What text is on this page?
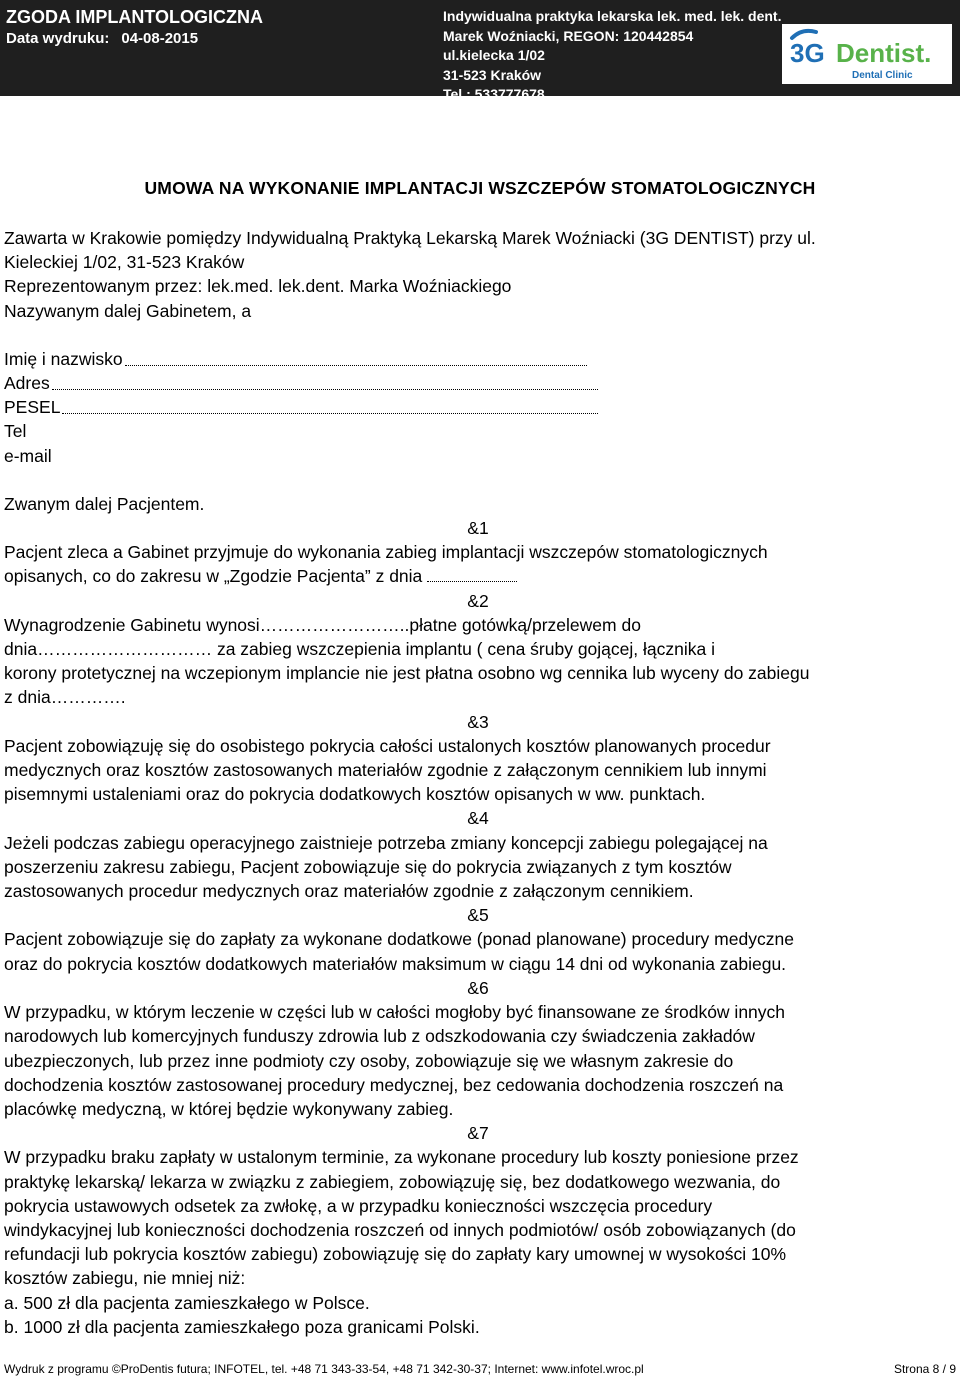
ZGODA IMPLANTOLOGICZNA
Data wydruku: 04-08-2015
Indywidualna praktyka lekarska lek. med. lek. dent.
Marek Woźniacki, REGON: 120442854
ul.kielecka 1/02
31-523 Kraków
Tel.: 533777678
3G Dentist.
Dental Clinic
UMOWA NA WYKONANIE IMPLANTACJI WSZCZEPÓW STOMATOLOGICZNYCH

Zawarta w Krakowie pomiędzy Indywidualną Praktyką Lekarską Marek Woźniacki (3G DENTIST) przy ul.

Kieleckiej 1/02, 31-523 Kraków

Reprezentowanym przez: lek.med. lek.dent. Marka Woźniackiego

Nazywanym dalej Gabinetem, a

Imię i nazwisko
Adres
PESEL
Tel
e-mail

Zwanym dalej Pacjentem.

&1

Pacjent zleca a Gabinet przyjmuje do wykonania zabieg implantacji wszczepów stomatologicznych

opisanych, co do zakresu w „Zgodzie Pacjenta” z dnia

&2

Wynagrodzenie Gabinetu wynosi……………………..płatne gotówką/przelewem do

dnia………………………… za zabieg wszczepienia implantu ( cena śruby gojącej, łącznika i

korony protetycznej na wczepionym implancie nie jest płatna osobno wg cennika lub wyceny do zabiegu

z dnia………….

&3

Pacjent zobowiązuję się do osobistego pokrycia całości ustalonych kosztów planowanych procedur

medycznych oraz kosztów zastosowanych materiałów zgodnie z załączonym cennikiem lub innymi

pisemnymi ustaleniami oraz do pokrycia dodatkowych kosztów opisanych w ww. punktach.

&4

Jeżeli podczas zabiegu operacyjnego zaistnieje potrzeba zmiany koncepcji zabiegu polegającej na

poszerzeniu zakresu zabiegu, Pacjent zobowiązuje się do pokrycia związanych z tym kosztów

zastosowanych procedur medycznych oraz materiałów zgodnie z załączonym cennikiem.

&5

Pacjent zobowiązuje się do zapłaty za wykonane dodatkowe (ponad planowane) procedury medyczne

oraz do pokrycia kosztów dodatkowych materiałów maksimum w ciągu 14 dni od wykonania zabiegu.

&6

W przypadku, w którym leczenie w części lub w całości mogłoby być finansowane ze środków innych

narodowych lub komercyjnych funduszy zdrowia lub z odszkodowania czy świadczenia zakładów

ubezpieczonych, lub przez inne podmioty czy osoby, zobowiązuje się we własnym zakresie do

dochodzenia kosztów zastosowanej procedury medycznej, bez cedowania dochodzenia roszczeń na

placówkę medyczną, w której będzie wykonywany zabieg.

&7

W przypadku braku zapłaty w ustalonym terminie, za wykonane procedury lub koszty poniesione przez

praktykę lekarską/ lekarza w związku z zabiegiem, zobowiązuję się, bez dodatkowego wezwania, do

pokrycia ustawowych odsetek za zwłokę, a w przypadku konieczności wszczęcia procedury

windykacyjnej lub konieczności dochodzenia roszczeń od innych podmiotów/ osób zobowiązanych (do

refundacji lub pokrycia kosztów zabiegu) zobowiązuję się do zapłaty kary umownej w wysokości 10%

kosztów zabiegu, nie mniej niż:

a. 500 zł dla pacjenta zamieszkałego w Polsce.

b. 1000 zł dla pacjenta zamieszkałego poza granicami Polski.

Wydruk z programu ©ProDentis futura; INFOTEL, tel. +48 71 343-33-54, +48 71 342-30-37; Internet: www.infotel.wroc.pl	Strona 8 / 9
